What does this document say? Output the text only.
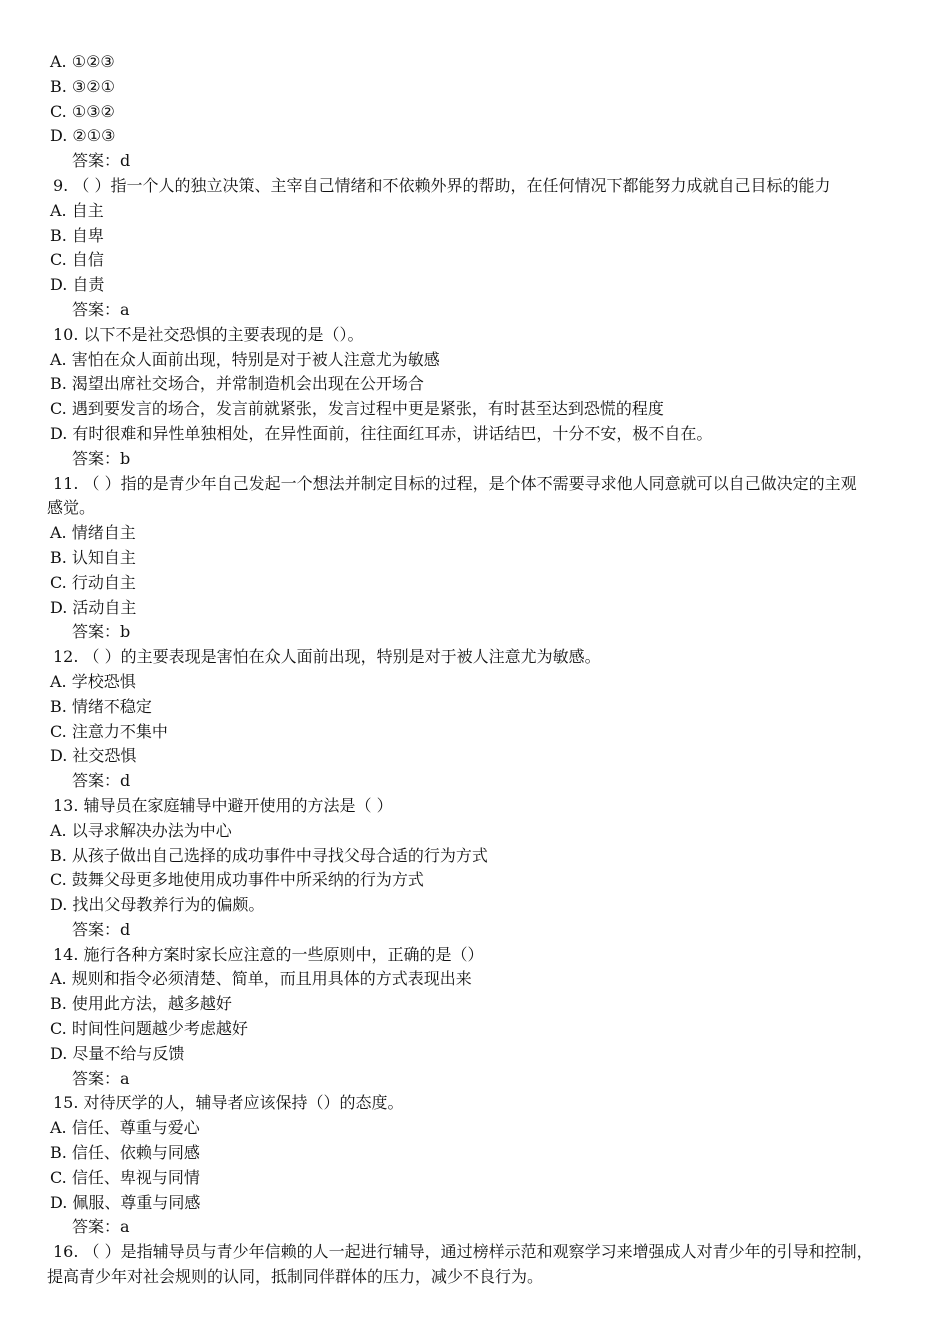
A. ①②③
B. ③②①
C. ①③②
D. ②①③
答案：d
9. （ ）指一个人的独立决策、主宰自己情绪和不依赖外界的帮助，在任何情况下都能努力成就自己目标的能力
A. 自主
B. 自卑
C. 自信
D. 自责
答案：a
10. 以下不是社交恐惧的主要表现的是（）。
A. 害怕在众人面前出现，特别是对于被人注意尤为敏感
B. 渴望出席社交场合，并常制造机会出现在公开场合
C. 遇到要发言的场合，发言前就紧张，发言过程中更是紧张，有时甚至达到恐慌的程度
D. 有时很难和异性单独相处，在异性面前，往往面红耳赤，讲话结巴，十分不安，极不自在。
答案：b
11. （ ）指的是青少年自己发起一个想法并制定目标的过程，是个体不需要寻求他人同意就可以自己做决定的主观
感觉。
A. 情绪自主
B. 认知自主
C. 行动自主
D. 活动自主
答案：b
12. （ ）的主要表现是害怕在众人面前出现，特别是对于被人注意尤为敏感。
A. 学校恐惧
B. 情绪不稳定
C. 注意力不集中
D. 社交恐惧
答案：d
13. 辅导员在家庭辅导中避开使用的方法是（ ）
A. 以寻求解决办法为中心
B. 从孩子做出自己选择的成功事件中寻找父母合适的行为方式
C. 鼓舞父母更多地使用成功事件中所采纳的行为方式
D. 找出父母教养行为的偏颇。
答案：d
14. 施行各种方案时家长应注意的一些原则中，正确的是（）
A. 规则和指令必须清楚、简单，而且用具体的方式表现出来
B. 使用此方法，越多越好
C. 时间性问题越少考虑越好
D. 尽量不给与反馈
答案：a
15. 对待厌学的人，辅导者应该保持（）的态度。
A. 信任、尊重与爱心
B. 信任、依赖与同感
C. 信任、卑视与同情
D. 佩服、尊重与同感
答案：a
16. （ ）是指辅导员与青少年信赖的人一起进行辅导，通过榜样示范和观察学习来增强成人对青少年的引导和控制，
提高青少年对社会规则的认同，抵制同伴群体的压力，减少不良行为。
